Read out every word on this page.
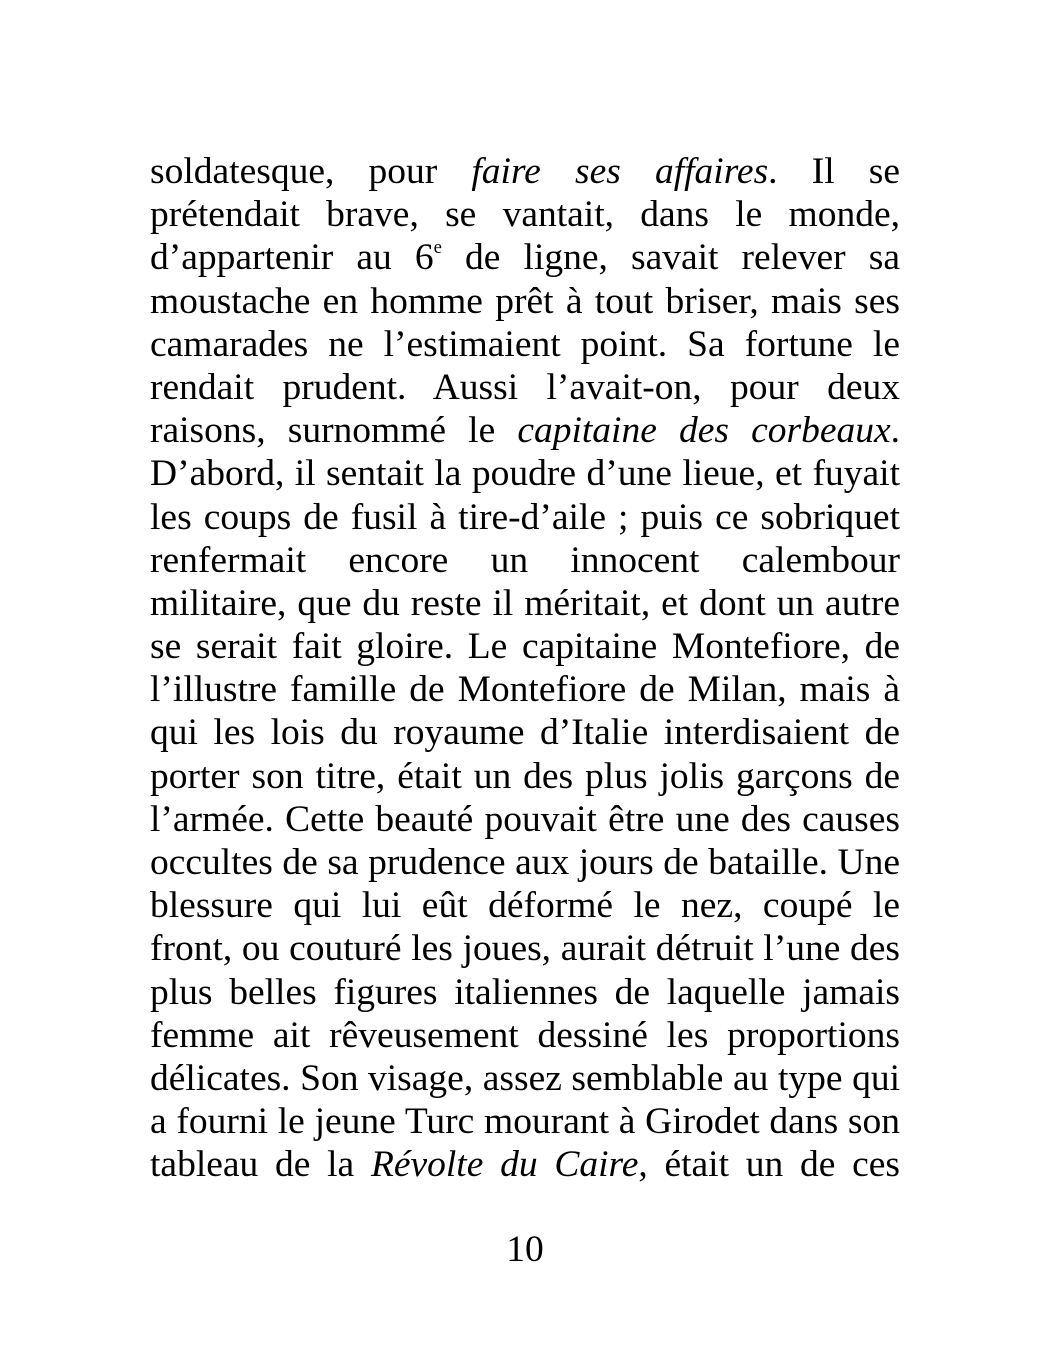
soldatesque, pour faire ses affaires. Il se
prétendait brave, se vantait, dans le monde,
d’appartenir au 6e de ligne, savait relever sa
moustache en homme prêt à tout briser, mais ses
camarades ne l’estimaient point. Sa fortune le
rendait prudent. Aussi l’avait-on, pour deux
raisons, surnommé le capitaine des corbeaux.
D’abord, il sentait la poudre d’une lieue, et fuyait
les coups de fusil à tire-d’aile ; puis ce sobriquet
renfermait encore un innocent calembour
militaire, que du reste il méritait, et dont un autre
se serait fait gloire. Le capitaine Montefiore, de
l’illustre famille de Montefiore de Milan, mais à
qui les lois du royaume d’Italie interdisaient de
porter son titre, était un des plus jolis garçons de
l’armée. Cette beauté pouvait être une des causes
occultes de sa prudence aux jours de bataille. Une
blessure qui lui eût déformé le nez, coupé le
front, ou couturé les joues, aurait détruit l’une des
plus belles figures italiennes de laquelle jamais
femme ait rêveusement dessiné les proportions
délicates. Son visage, assez semblable au type qui
a fourni le jeune Turc mourant à Girodet dans son
tableau de la Révolte du Caire, était un de ces
10
